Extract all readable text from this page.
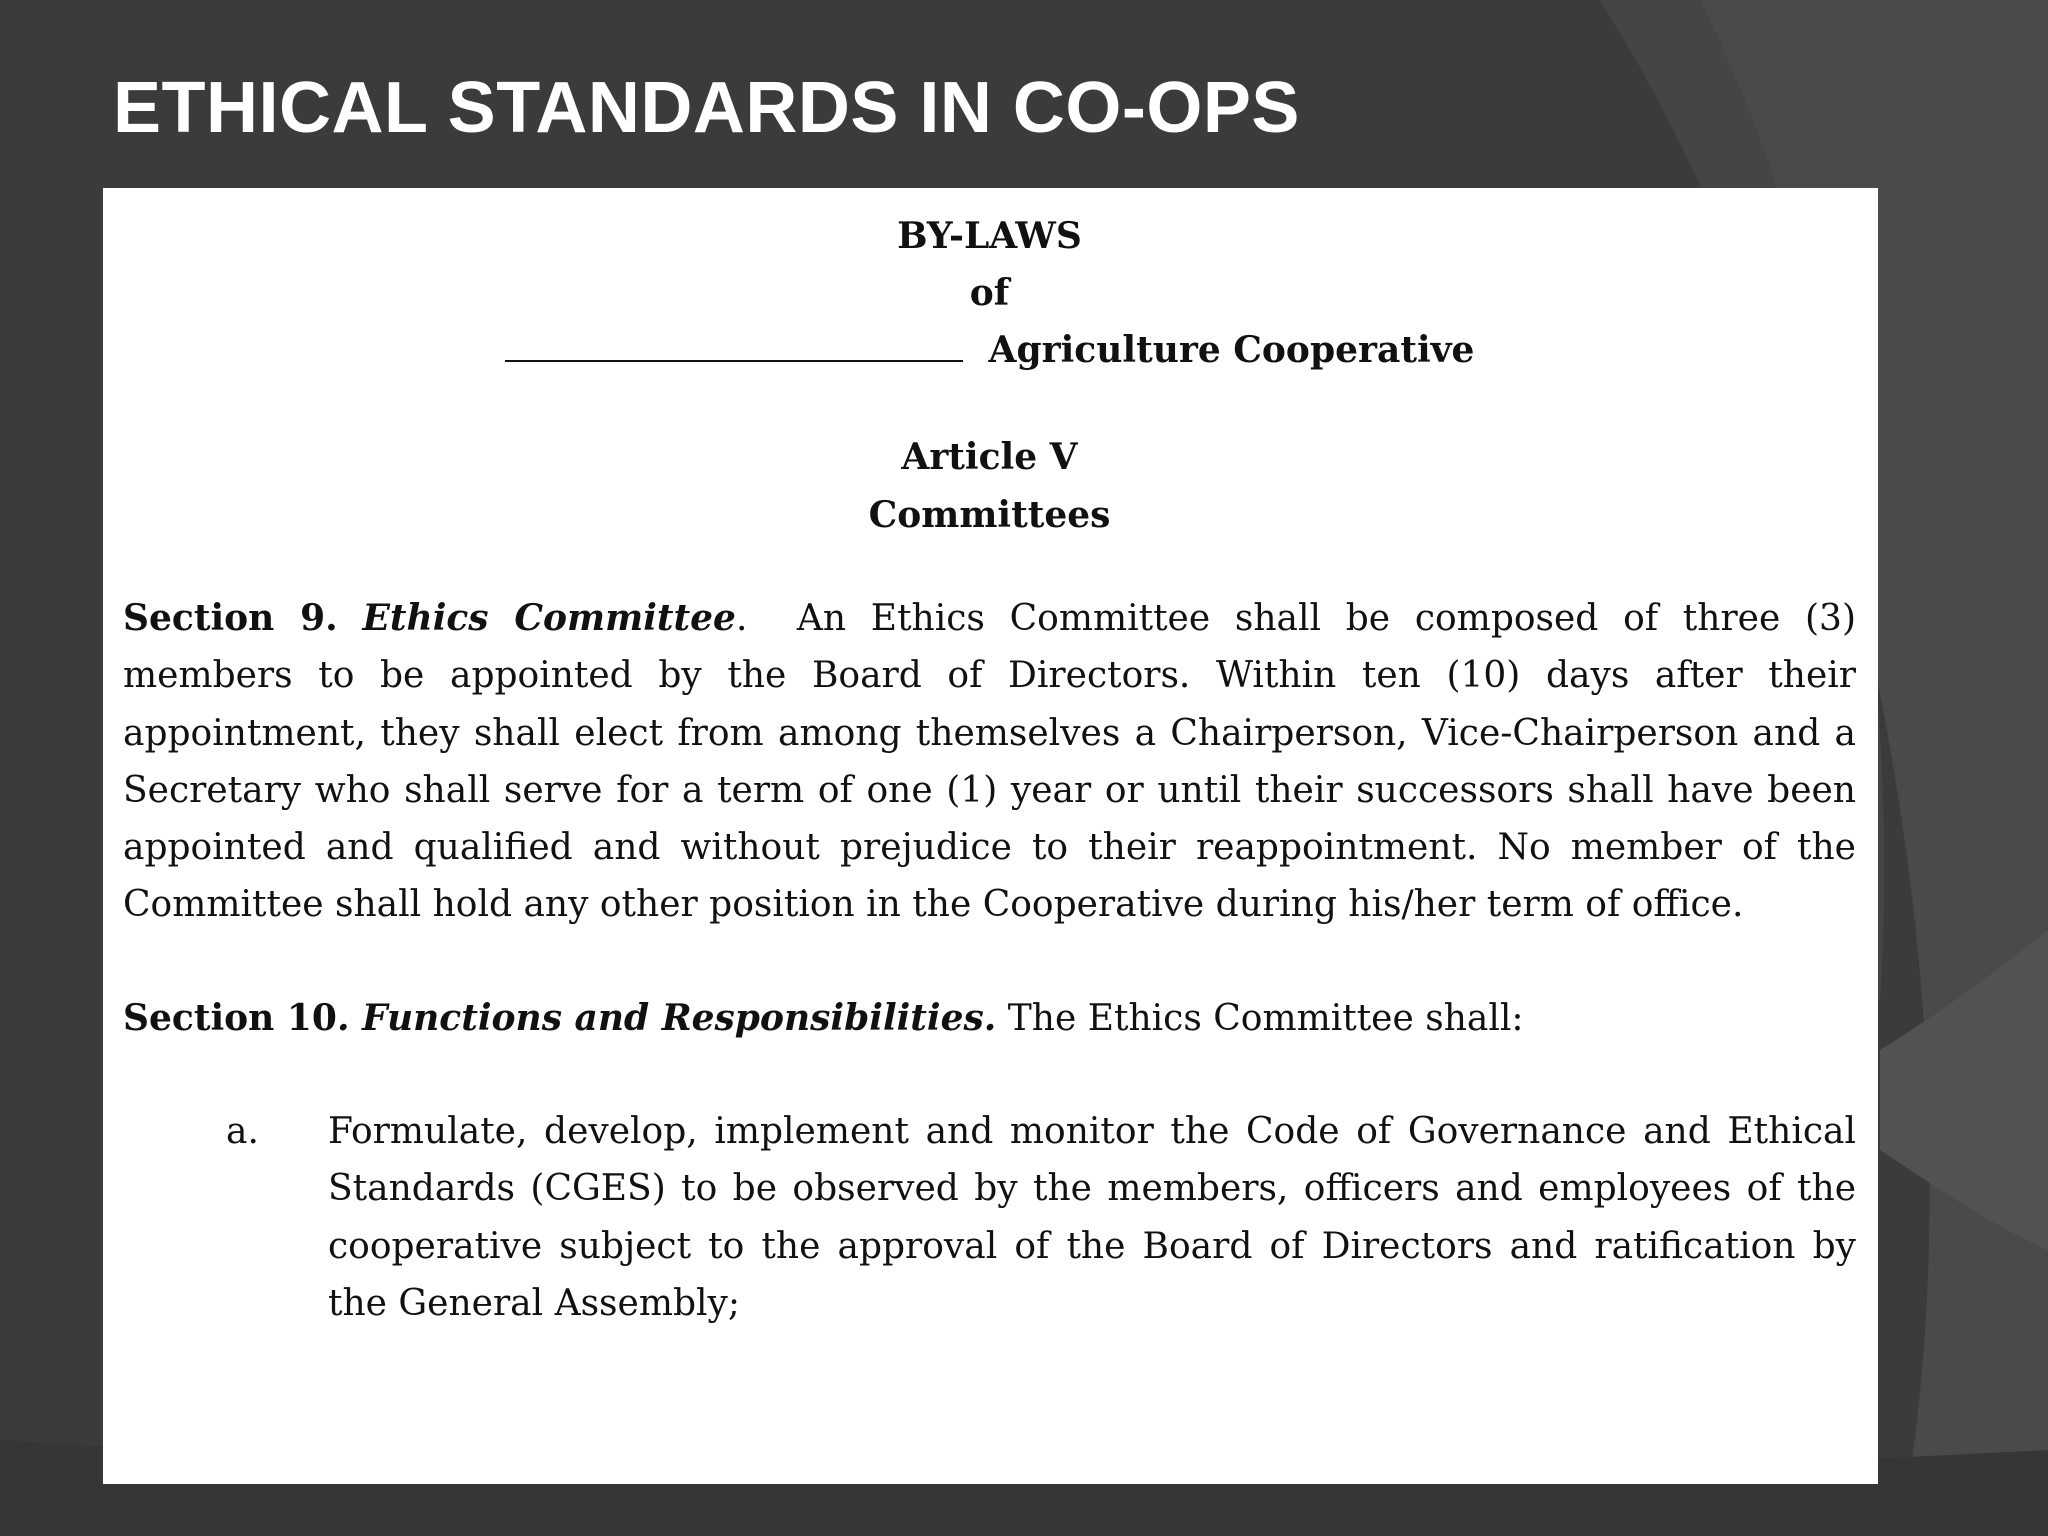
ETHICAL STANDARDS IN CO-OPS
BY-LAWS
of
Agriculture Cooperative
Article V
Committees

Section 9. Ethics Committee. An Ethics Committee shall be composed of three (3) members to be appointed by the Board of Directors. Within ten (10) days after their appointment, they shall elect from among themselves a Chairperson, Vice-Chairperson and a Secretary who shall serve for a term of one (1) year or until their successors shall have been appointed and qualified and without prejudice to their reappointment. No member of the Committee shall hold any other position in the Cooperative during his/her term of office.

Section 10. Functions and Responsibilities. The Ethics Committee shall:

a. Formulate, develop, implement and monitor the Code of Governance and Ethical Standards (CGES) to be observed by the members, officers and employees of the cooperative subject to the approval of the Board of Directors and ratification by the General Assembly;
